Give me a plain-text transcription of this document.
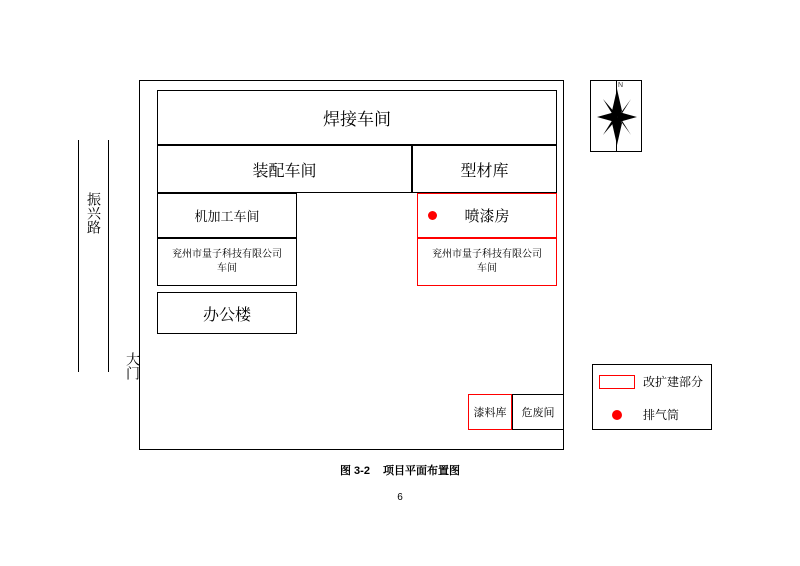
振兴路
大门
N
焊接车间
装配车间	型材库
机加工车间	喷漆房
兖州市量子科技有限公司
车间
兖州市量子科技有限公司
车间
办公楼
漆料库 危废间
改扩建部分
排气筒
图 3-2 项目平面布置图
6
